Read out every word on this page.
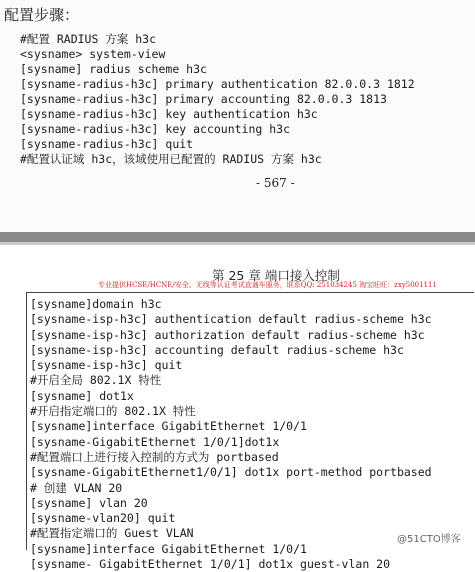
配置步骤：
#配置 RADIUS 方案 h3c
<sysname> system-view
[sysname] radius scheme h3c
[sysname-radius-h3c] primary authentication 82.0.0.3 1812
[sysname-radius-h3c] primary accounting 82.0.0.3 1813
[sysname-radius-h3c] key authentication h3c
[sysname-radius-h3c] key accounting h3c
[sysname-radius-h3c] quit
#配置认证域 h3c，该域使用已配置的 RADIUS 方案 h3c
- 567 -
第 25 章 端口接入控制
专业提供HCSE/HCNE/安全、无线等认证考试直通车服务，联系QQ: 251034245 淘宝旺旺：zxy5001111
[sysname]domain h3c
[sysname-isp-h3c] authentication default radius-scheme h3c
[sysname-isp-h3c] authorization default radius-scheme h3c
[sysname-isp-h3c] accounting default radius-scheme h3c
[sysname-isp-h3c] quit
#开启全局 802.1X 特性
[sysname] dot1x
#开启指定端口的 802.1X 特性
[sysname]interface GigabitEthernet 1/0/1
[sysname-GigabitEthernet 1/0/1]dot1x
#配置端口上进行接入控制的方式为 portbased
[sysname-GigabitEthernet1/0/1] dot1x port-method portbased
# 创建 VLAN 20
[sysname] vlan 20
[sysname-vlan20] quit
#配置指定端口的 Guest VLAN
[sysname]interface GigabitEthernet 1/0/1
[sysname- GigabitEthernet 1/0/1] dot1x guest-vlan 20
@51CTO博客
